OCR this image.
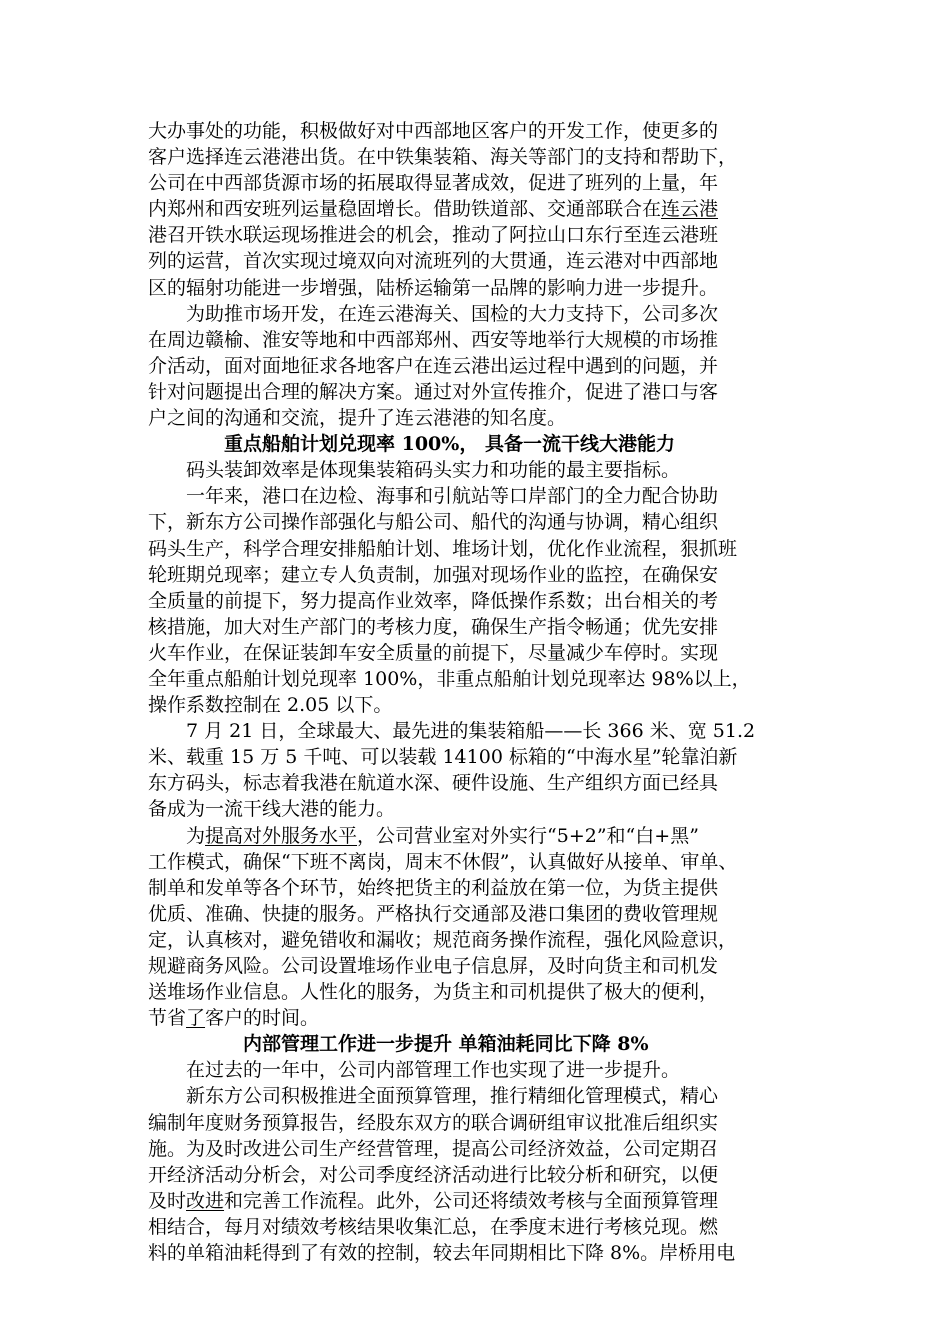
大办事处的功能，积极做好对中西部地区客户的开发工作，使更多的
客户选择连云港港出货。在中铁集装箱、海关等部门的支持和帮助下，
公司在中西部货源市场的拓展取得显著成效，促进了班列的上量，年
内郑州和西安班列运量稳固增长。借助铁道部、交通部联合在连云港
港召开铁水联运现场推进会的机会，推动了阿拉山口东行至连云港班
列的运营，首次实现过境双向对流班列的大贯通，连云港对中西部地
区的辐射功能进一步增强，陆桥运输第一品牌的影响力进一步提升。
为助推市场开发，在连云港海关、国检的大力支持下，公司多次
在周边赣榆、淮安等地和中西部郑州、西安等地举行大规模的市场推
介活动，面对面地征求各地客户在连云港出运过程中遇到的问题，并
针对问题提出合理的解决方案。通过对外宣传推介，促进了港口与客
户之间的沟通和交流，提升了连云港港的知名度。
重点船舶计划兑现率 100%， 具备一流干线大港能力
码头装卸效率是体现集装箱码头实力和功能的最主要指标。
一年来，港口在边检、海事和引航站等口岸部门的全力配合协助
下，新东方公司操作部强化与船公司、船代的沟通与协调，精心组织
码头生产，科学合理安排船舶计划、堆场计划，优化作业流程，狠抓班
轮班期兑现率；建立专人负责制，加强对现场作业的监控，在确保安
全质量的前提下，努力提高作业效率，降低操作系数；出台相关的考
核措施，加大对生产部门的考核力度，确保生产指令畅通；优先安排
火车作业，在保证装卸车安全质量的前提下，尽量减少车停时。实现
全年重点船舶计划兑现率 100%，非重点船舶计划兑现率达 98%以上，
操作系数控制在 2.05 以下。
7 月 21 日，全球最大、最先进的集装箱船——长 366 米、宽 51.2
米、载重 15 万 5 千吨、可以装载 14100 标箱的“中海水星”轮靠泊新
东方码头，标志着我港在航道水深、硬件设施、生产组织方面已经具
备成为一流干线大港的能力。
为提高对外服务水平，公司营业室对外实行“5+2”和“白+黑”
工作模式，确保“下班不离岗，周末不休假”，认真做好从接单、审单、
制单和发单等各个环节，始终把货主的利益放在第一位，为货主提供
优质、准确、快捷的服务。严格执行交通部及港口集团的费收管理规
定，认真核对，避免错收和漏收；规范商务操作流程，强化风险意识，
规避商务风险。公司设置堆场作业电子信息屏，及时向货主和司机发
送堆场作业信息。人性化的服务，为货主和司机提供了极大的便利，
节省了客户的时间。
内部管理工作进一步提升 单箱油耗同比下降 8%
在过去的一年中，公司内部管理工作也实现了进一步提升。
新东方公司积极推进全面预算管理，推行精细化管理模式，精心
编制年度财务预算报告，经股东双方的联合调研组审议批准后组织实
施。为及时改进公司生产经营管理，提高公司经济效益，公司定期召
开经济活动分析会，对公司季度经济活动进行比较分析和研究，以便
及时改进和完善工作流程。此外，公司还将绩效考核与全面预算管理
相结合，每月对绩效考核结果收集汇总，在季度末进行考核兑现。燃
料的单箱油耗得到了有效的控制，较去年同期相比下降 8%。岸桥用电
